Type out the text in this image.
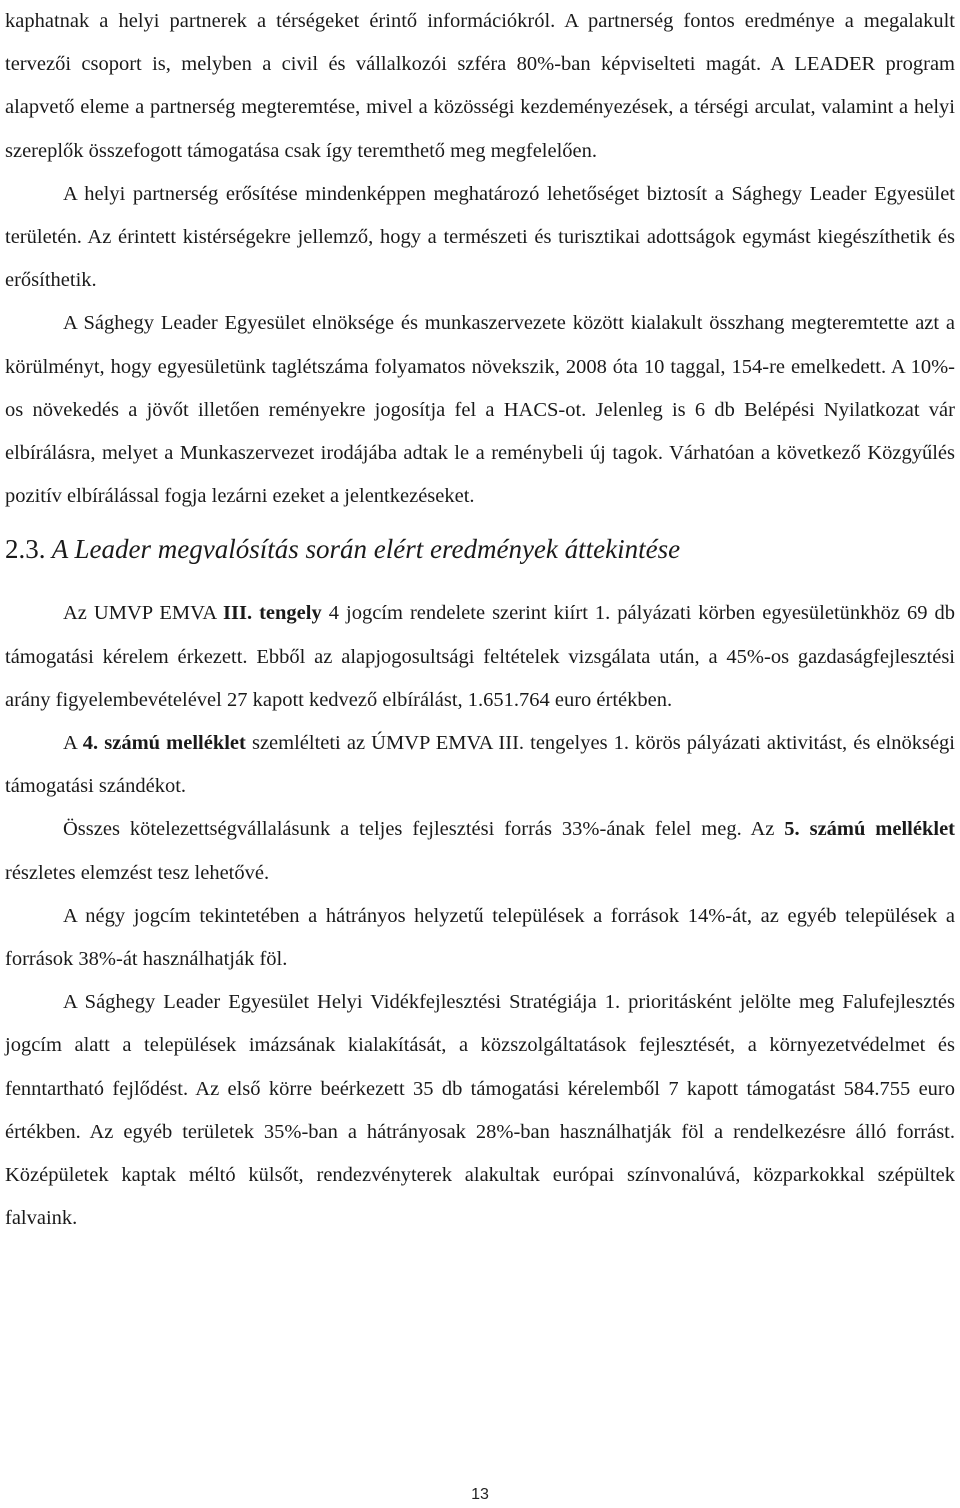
kaphatnak a helyi partnerek a térségeket érintő információkról. A partnerség fontos eredménye a megalakult tervezői csoport is, melyben a civil és vállalkozói szféra 80%-ban képviselteti magát. A LEADER program alapvető eleme a partnerség megteremtése, mivel a közösségi kezdeményezések, a térségi arculat, valamint a helyi szereplők összefogott támogatása csak így teremthető meg megfelelően.

A helyi partnerség erősítése mindenképpen meghatározó lehetőséget biztosít a Sághegy Leader Egyesület területén. Az érintett kistérségekre jellemző, hogy a természeti és turisztikai adottságok egymást kiegészíthetik és erősíthetik.

A Sághegy Leader Egyesület elnöksége és munkaszervezete között kialakult összhang megteremtette azt a körülményt, hogy egyesületünk taglétszáma folyamatos növekszik, 2008 óta 10 taggal, 154-re emelkedett. A 10%-os növekedés a jövőt illetően reményekre jogosítja fel a HACS-ot. Jelenleg is 6 db Belépési Nyilatkozat vár elbírálásra, melyet a Munkaszervezet irodájába adtak le a reménybeli új tagok. Várhatóan a következő Közgyűlés pozitív elbírálással fogja lezárni ezeket a jelentkezéseket.

2.3. A Leader megvalósítás során elért eredmények áttekintése

Az UMVP EMVA III. tengely 4 jogcím rendelete szerint kiírt 1. pályázati körben egyesületünkhöz 69 db támogatási kérelem érkezett. Ebből az alapjogosultsági feltételek vizsgálata után, a 45%-os gazdaságfejlesztési arány figyelembevételével 27 kapott kedvező elbírálást, 1.651.764 euro értékben.

A 4. számú melléklet szemlélteti az ÚMVP EMVA III. tengelyes 1. körös pályázati aktivitást, és elnökségi támogatási szándékot.

Összes kötelezettségvállalásunk a teljes fejlesztési forrás 33%-ának felel meg. Az 5. számú melléklet részletes elemzést tesz lehetővé.

A négy jogcím tekintetében a hátrányos helyzetű települések a források 14%-át, az egyéb települések a források 38%-át használhatják föl.

A Sághegy Leader Egyesület Helyi Vidékfejlesztési Stratégiája 1. prioritásként jelölte meg Falufejlesztés jogcím alatt a települések imázsának kialakítását, a közszolgáltatások fejlesztését, a környezetvédelmet és fenntartható fejlődést. Az első körre beérkezett 35 db támogatási kérelemből 7 kapott támogatást 584.755 euro értékben. Az egyéb területek 35%-ban a hátrányosak 28%-ban használhatják föl a rendelkezésre álló forrást. Középületek kaptak méltó külsőt, rendezvényterek alakultak európai színvonalúvá, közparkokkal szépültek falvaink.

13
